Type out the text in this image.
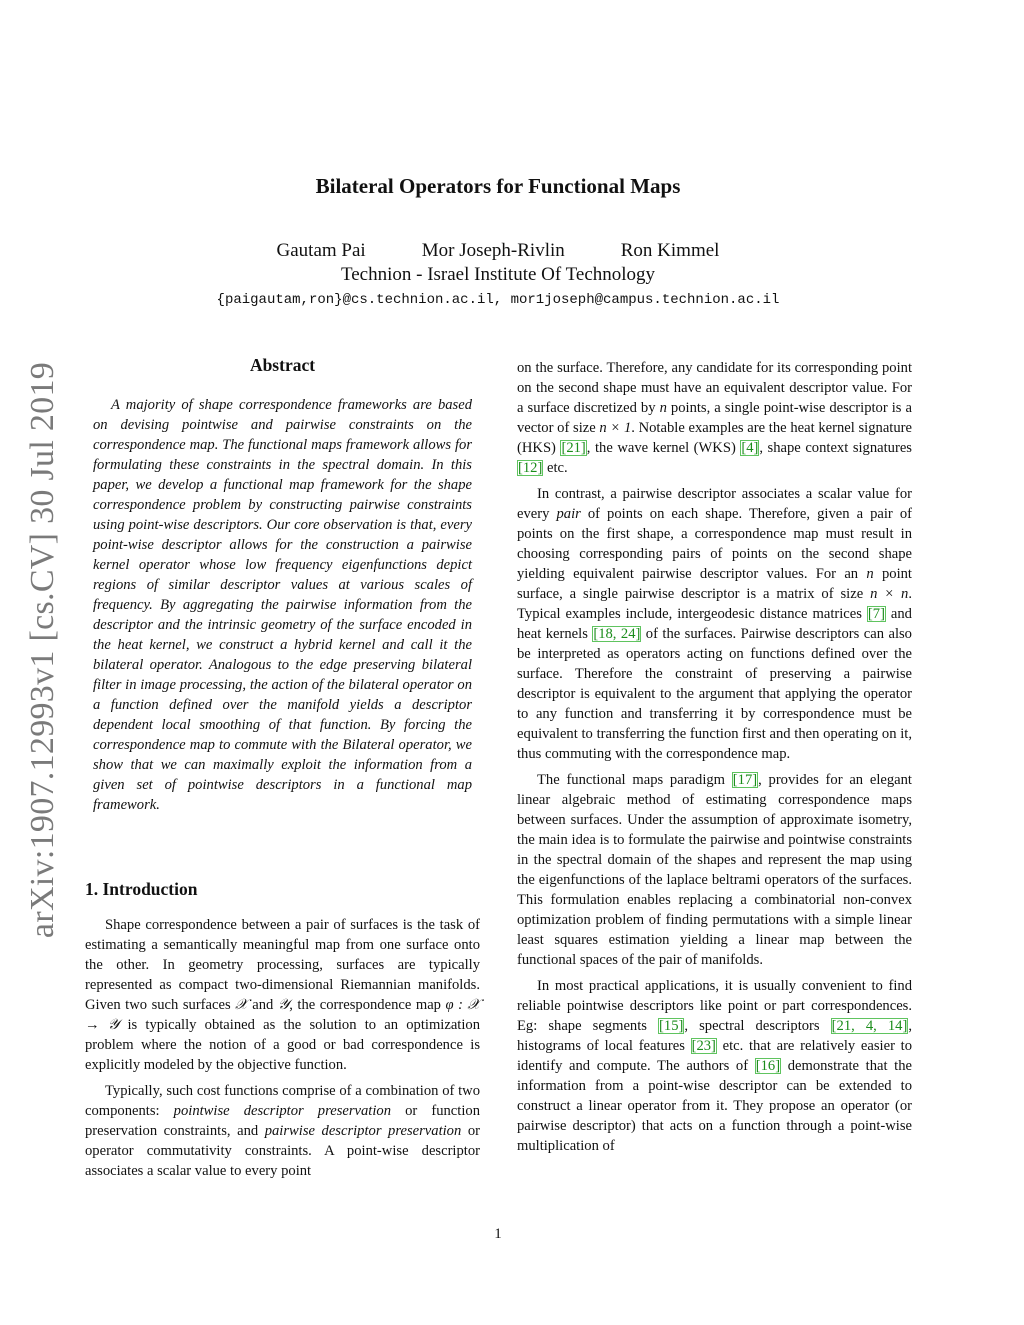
arXiv:1907.12993v1 [cs.CV] 30 Jul 2019
Bilateral Operators for Functional Maps
Gautam Pai	Mor Joseph-Rivlin	Ron Kimmel
Technion - Israel Institute Of Technology
{paigautam,ron}@cs.technion.ac.il, mor1joseph@campus.technion.ac.il
Abstract
A majority of shape correspondence frameworks are based on devising pointwise and pairwise constraints on the correspondence map. The functional maps framework allows for formulating these constraints in the spectral domain. In this paper, we develop a functional map framework for the shape correspondence problem by constructing pairwise constraints using point-wise descriptors. Our core observation is that, every point-wise descriptor allows for the construction a pairwise kernel operator whose low frequency eigenfunctions depict regions of similar descriptor values at various scales of frequency. By aggregating the pairwise information from the descriptor and the intrinsic geometry of the surface encoded in the heat kernel, we construct a hybrid kernel and call it the bilateral operator. Analogous to the edge preserving bilateral filter in image processing, the action of the bilateral operator on a function defined over the manifold yields a descriptor dependent local smoothing of that function. By forcing the correspondence map to commute with the Bilateral operator, we show that we can maximally exploit the information from a given set of pointwise descriptors in a functional map framework.
1. Introduction

Shape correspondence between a pair of surfaces is the task of estimating a semantically meaningful map from one surface onto the other. In geometry processing, surfaces are typically represented as compact two-dimensional Riemannian manifolds. Given two such surfaces 𝒳 and 𝒴, the correspondence map φ : 𝒳 → 𝒴 is typically obtained as the solution to an optimization problem where the notion of a good or bad correspondence is explicitly modeled by the objective function.

Typically, such cost functions comprise of a combination of two components: pointwise descriptor preservation or function preservation constraints, and pairwise descriptor preservation or operator commutativity constraints. A point-wise descriptor associates a scalar value to every point

on the surface. Therefore, any candidate for its corresponding point on the second shape must have an equivalent descriptor value. For a surface discretized by n points, a single point-wise descriptor is a vector of size n × 1. Notable examples are the heat kernel signature (HKS) [21], the wave kernel (WKS) [4], shape context signatures [12] etc.

In contrast, a pairwise descriptor associates a scalar value for every pair of points on each shape. Therefore, given a pair of points on the first shape, a correspondence map must result in choosing corresponding pairs of points on the second shape yielding equivalent pairwise descriptor values. For an n point surface, a single pairwise descriptor is a matrix of size n × n. Typical examples include, intergeodesic distance matrices [7] and heat kernels [18, 24] of the surfaces. Pairwise descriptors can also be interpreted as operators acting on functions defined over the surface. Therefore the constraint of preserving a pairwise descriptor is equivalent to the argument that applying the operator to any function and transferring it by correspondence must be equivalent to transferring the function first and then operating on it, thus commuting with the correspondence map.

The functional maps paradigm [17], provides for an elegant linear algebraic method of estimating correspondence maps between surfaces. Under the assumption of approximate isometry, the main idea is to formulate the pairwise and pointwise constraints in the spectral domain of the shapes and represent the map using the eigenfunctions of the laplace beltrami operators of the surfaces. This formulation enables replacing a combinatorial non-convex optimization problem of finding permutations with a simple linear least squares estimation yielding a linear map between the functional spaces of the pair of manifolds.

In most practical applications, it is usually convenient to find reliable pointwise descriptors like point or part correspondences. Eg: shape segments [15], spectral descriptors [21, 4, 14], histograms of local features [23] etc. that are relatively easier to identify and compute. The authors of [16] demonstrate that the information from a point-wise descriptor can be extended to construct a linear operator from it. They propose an operator (or pairwise descriptor) that acts on a function through a point-wise multiplication of

1
